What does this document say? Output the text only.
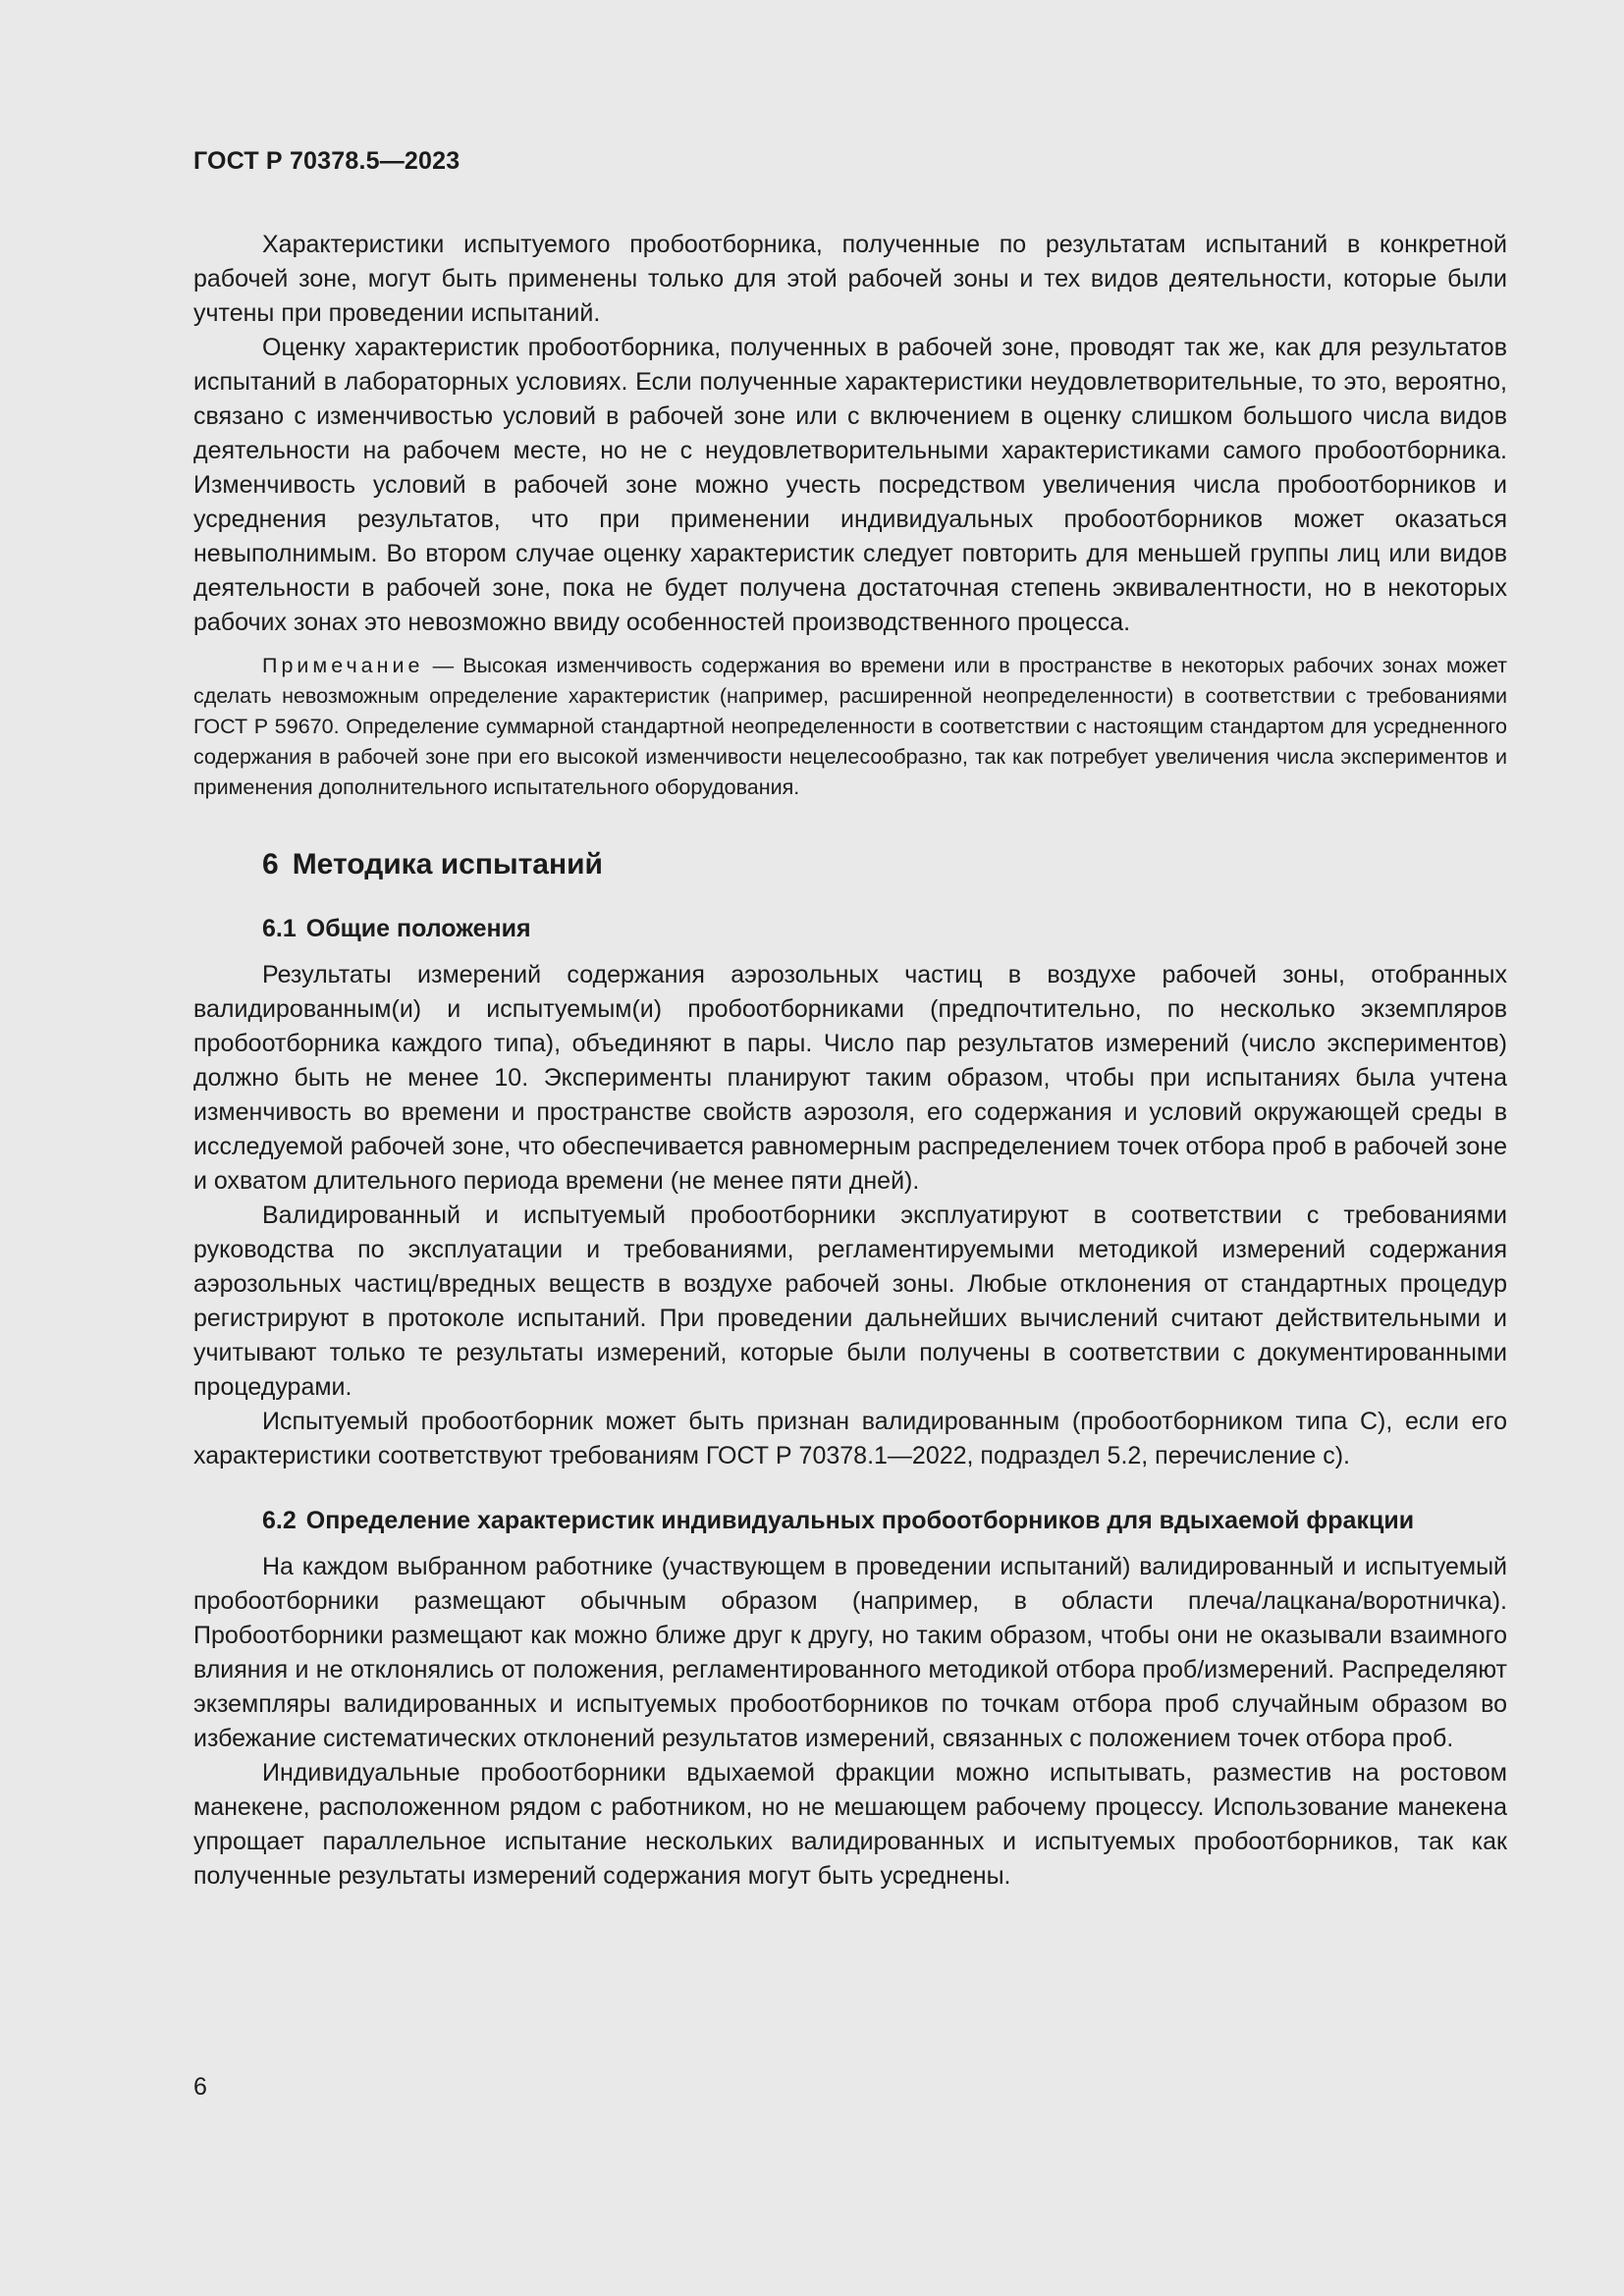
ГОСТ Р 70378.5—2023

Характеристики испытуемого пробоотборника, полученные по результатам испытаний в конкретной рабочей зоне, могут быть применены только для этой рабочей зоны и тех видов деятельности, которые были учтены при проведении испытаний.

Оценку характеристик пробоотборника, полученных в рабочей зоне, проводят так же, как для результатов испытаний в лабораторных условиях. Если полученные характеристики неудовлетворительные, то это, вероятно, связано с изменчивостью условий в рабочей зоне или с включением в оценку слишком большого числа видов деятельности на рабочем месте, но не с неудовлетворительными характеристиками самого пробоотборника. Изменчивость условий в рабочей зоне можно учесть посредством увеличения числа пробоотборников и усреднения результатов, что при применении индивидуальных пробоотборников может оказаться невыполнимым. Во втором случае оценку характеристик следует повторить для меньшей группы лиц или видов деятельности в рабочей зоне, пока не будет получена достаточная степень эквивалентности, но в некоторых рабочих зонах это невозможно ввиду особенностей производственного процесса.

Примечание — Высокая изменчивость содержания во времени или в пространстве в некоторых рабочих зонах может сделать невозможным определение характеристик (например, расширенной неопределенности) в соответствии с требованиями ГОСТ Р 59670. Определение суммарной стандартной неопределенности в соответствии с настоящим стандартом для усредненного содержания в рабочей зоне при его высокой изменчивости нецелесообразно, так как потребует увеличения числа экспериментов и применения дополнительного испытательного оборудования.

6 Методика испытаний
6.1 Общие положения

Результаты измерений содержания аэрозольных частиц в воздухе рабочей зоны, отобранных валидированным(и) и испытуемым(и) пробоотборниками (предпочтительно, по несколько экземпляров пробоотборника каждого типа), объединяют в пары. Число пар результатов измерений (число экспериментов) должно быть не менее 10. Эксперименты планируют таким образом, чтобы при испытаниях была учтена изменчивость во времени и пространстве свойств аэрозоля, его содержания и условий окружающей среды в исследуемой рабочей зоне, что обеспечивается равномерным распределением точек отбора проб в рабочей зоне и охватом длительного периода времени (не менее пяти дней).

Валидированный и испытуемый пробоотборники эксплуатируют в соответствии с требованиями руководства по эксплуатации и требованиями, регламентируемыми методикой измерений содержания аэрозольных частиц/вредных веществ в воздухе рабочей зоны. Любые отклонения от стандартных процедур регистрируют в протоколе испытаний. При проведении дальнейших вычислений считают действительными и учитывают только те результаты измерений, которые были получены в соответствии с документированными процедурами.

Испытуемый пробоотборник может быть признан валидированным (пробоотборником типа С), если его характеристики соответствуют требованиям ГОСТ Р 70378.1—2022, подраздел 5.2, перечисление с).

6.2 Определение характеристик индивидуальных пробоотборников для вдыхаемой фракции

На каждом выбранном работнике (участвующем в проведении испытаний) валидированный и испытуемый пробоотборники размещают обычным образом (например, в области плеча/лацкана/воротничка). Пробоотборники размещают как можно ближе друг к другу, но таким образом, чтобы они не оказывали взаимного влияния и не отклонялись от положения, регламентированного методикой отбора проб/измерений. Распределяют экземпляры валидированных и испытуемых пробоотборников по точкам отбора проб случайным образом во избежание систематических отклонений результатов измерений, связанных с положением точек отбора проб.

Индивидуальные пробоотборники вдыхаемой фракции можно испытывать, разместив на ростовом манекене, расположенном рядом с работником, но не мешающем рабочему процессу. Использование манекена упрощает параллельное испытание нескольких валидированных и испытуемых пробоотборников, так как полученные результаты измерений содержания могут быть усреднены.

6
